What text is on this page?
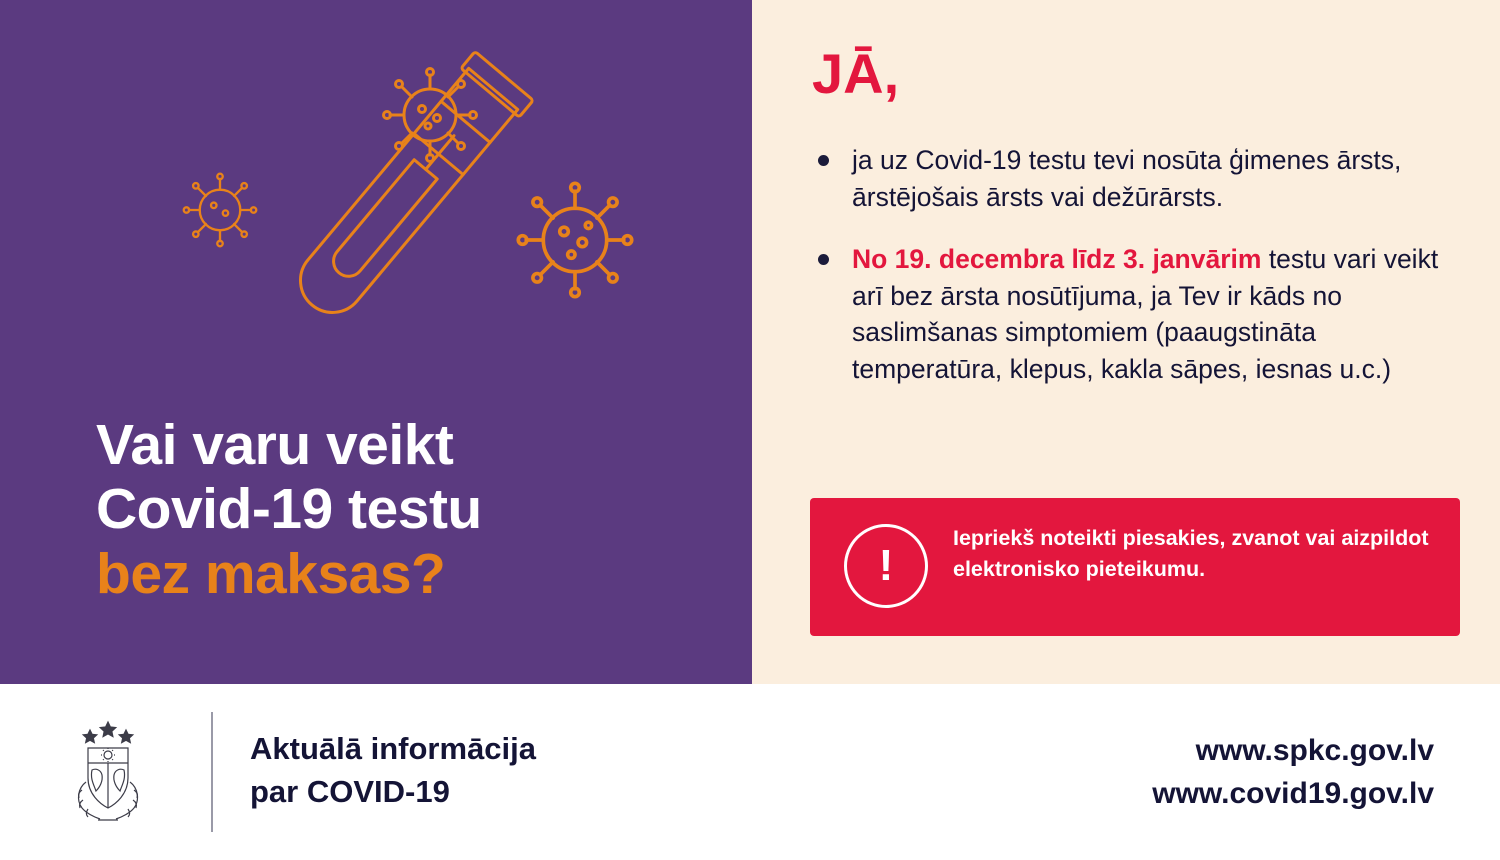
Vai varu veikt
Covid-19 testu
bez maksas?
JĀ,
ja uz Covid-19 testu tevi nosūta ģimenes ārsts, ārstējošais ārsts vai dežūrārsts.
No 19. decembra līdz 3. janvārim testu vari veikt arī bez ārsta nosūtījuma, ja Tev ir kāds no saslimšanas simptomiem (paaugstināta temperatūra, klepus, kakla sāpes, iesnas u.c.)
!
Iepriekš noteikti piesakies, zvanot vai aizpildot elektronisko pieteikumu.
Aktuālā informācija
par COVID-19
www.spkc.gov.lv
www.covid19.gov.lv
